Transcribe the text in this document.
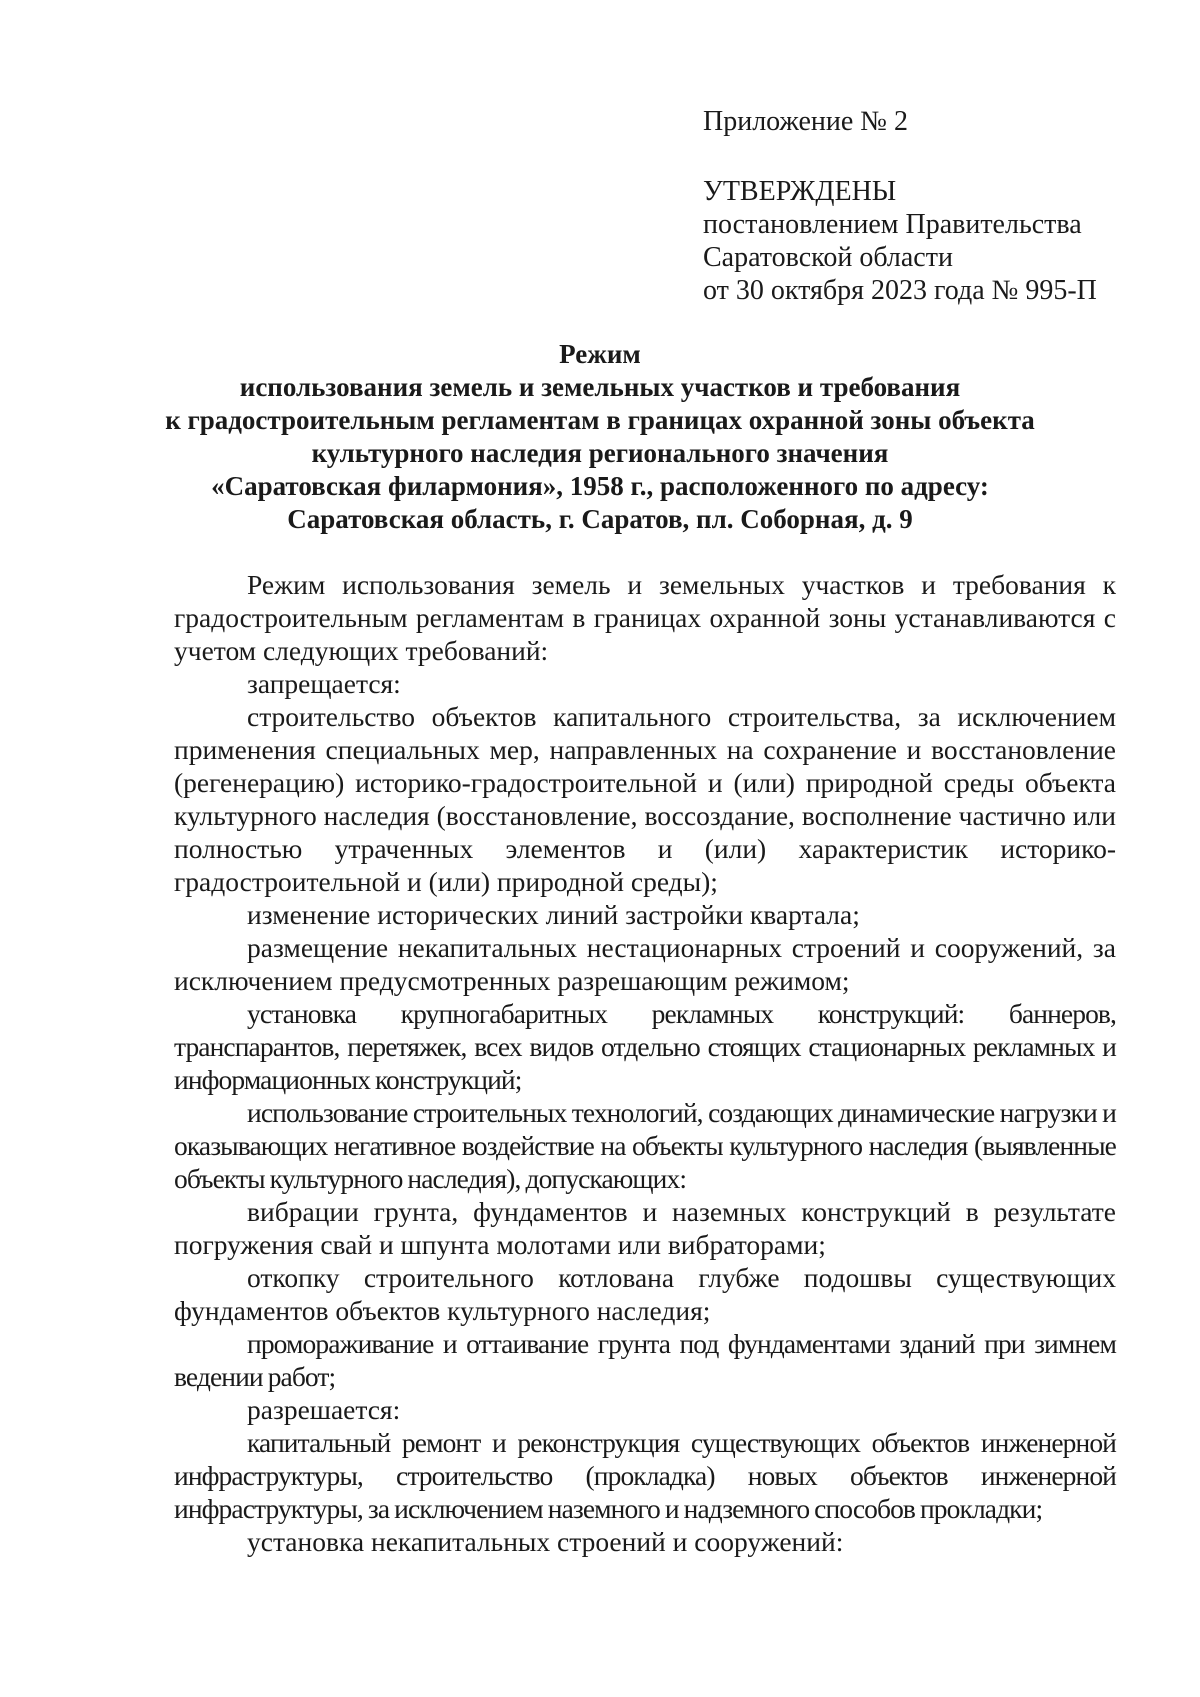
Приложение № 2
УТВЕРЖДЕНЫ
постановлением Правительства
Саратовской области
от 30 октября 2023 года № 995-П
Режим
использования земель и земельных участков и требования
к градостроительным регламентам в границах охранной зоны объекта
культурного наследия регионального значения
«Саратовская филармония», 1958 г., расположенного по адресу:
Саратовская область, г. Саратов, пл. Соборная, д. 9

Режим использования земель и земельных участков и требования к градостроительным регламентам в границах охранной зоны устанавливаются с учетом следующих требований:

запрещается:

строительство объектов капитального строительства, за исключением применения специальных мер, направленных на сохранение и восстановление (регенерацию) историко-градостроительной и (или) природной среды объекта культурного наследия (восстановление, воссоздание, восполнение частично или полностью утраченных элементов и (или) характеристик историко-градостроительной и (или) природной среды);

изменение исторических линий застройки квартала;

размещение некапитальных нестационарных строений и сооружений, за исключением предусмотренных разрешающим режимом;

установка крупногабаритных рекламных конструкций: баннеров, транспарантов, перетяжек, всех видов отдельно стоящих стационарных рекламных и информационных конструкций;

использование строительных технологий, создающих динамические нагрузки и оказывающих негативное воздействие на объекты культурного наследия (выявленные объекты культурного наследия), допускающих:

вибрации грунта, фундаментов и наземных конструкций в результате погружения свай и шпунта молотами или вибраторами;

откопку строительного котлована глубже подошвы существующих фундаментов объектов культурного наследия;

промораживание и оттаивание грунта под фундаментами зданий при зимнем ведении работ;

разрешается:

капитальный ремонт и реконструкция существующих объектов инженерной инфраструктуры, строительство (прокладка) новых объектов инженерной инфраструктуры, за исключением наземного и надземного способов прокладки;

установка некапитальных строений и сооружений:
